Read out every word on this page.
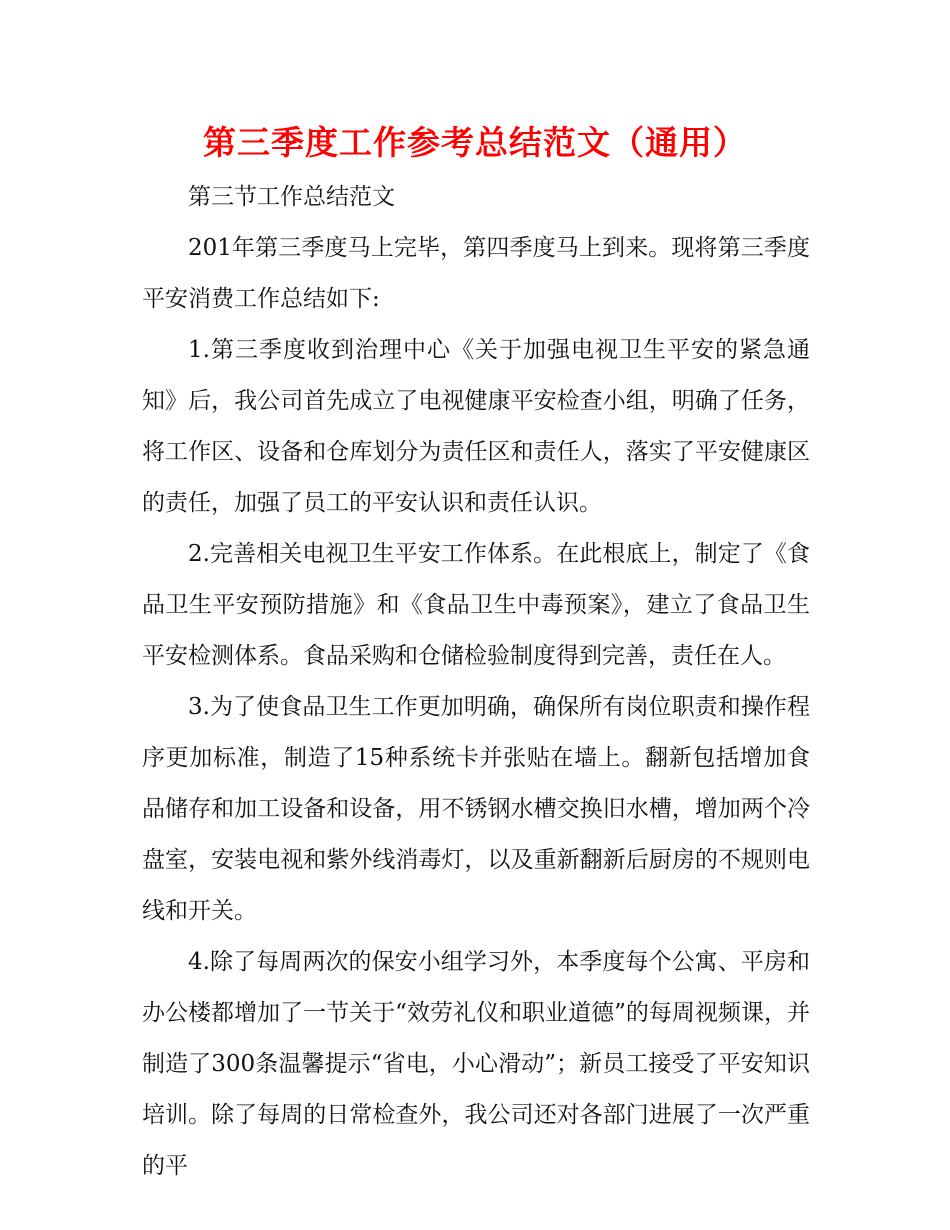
第三季度工作参考总结范文（通用）

第三节工作总结范文

201年第三季度马上完毕，第四季度马上到来。现将第三季度平安消费工作总结如下:

1.第三季度收到治理中心《关于加强电视卫生平安的紧急通知》后，我公司首先成立了电视健康平安检查小组，明确了任务，将工作区、设备和仓库划分为责任区和责任人，落实了平安健康区的责任，加强了员工的平安认识和责任认识。

2.完善相关电视卫生平安工作体系。在此根底上，制定了《食品卫生平安预防措施》和《食品卫生中毒预案》，建立了食品卫生平安检测体系。食品采购和仓储检验制度得到完善，责任在人。

3.为了使食品卫生工作更加明确，确保所有岗位职责和操作程序更加标准，制造了15种系统卡并张贴在墙上。翻新包括增加食品储存和加工设备和设备，用不锈钢水槽交换旧水槽，增加两个冷盘室，安装电视和紫外线消毒灯，以及重新翻新后厨房的不规则电线和开关。

4.除了每周两次的保安小组学习外，本季度每个公寓、平房和办公楼都增加了一节关于“效劳礼仪和职业道德”的每周视频课，并制造了300条温馨提示“省电，小心滑动”；新员工接受了平安知识培训。除了每周的日常检查外，我公司还对各部门进展了一次严重的平
